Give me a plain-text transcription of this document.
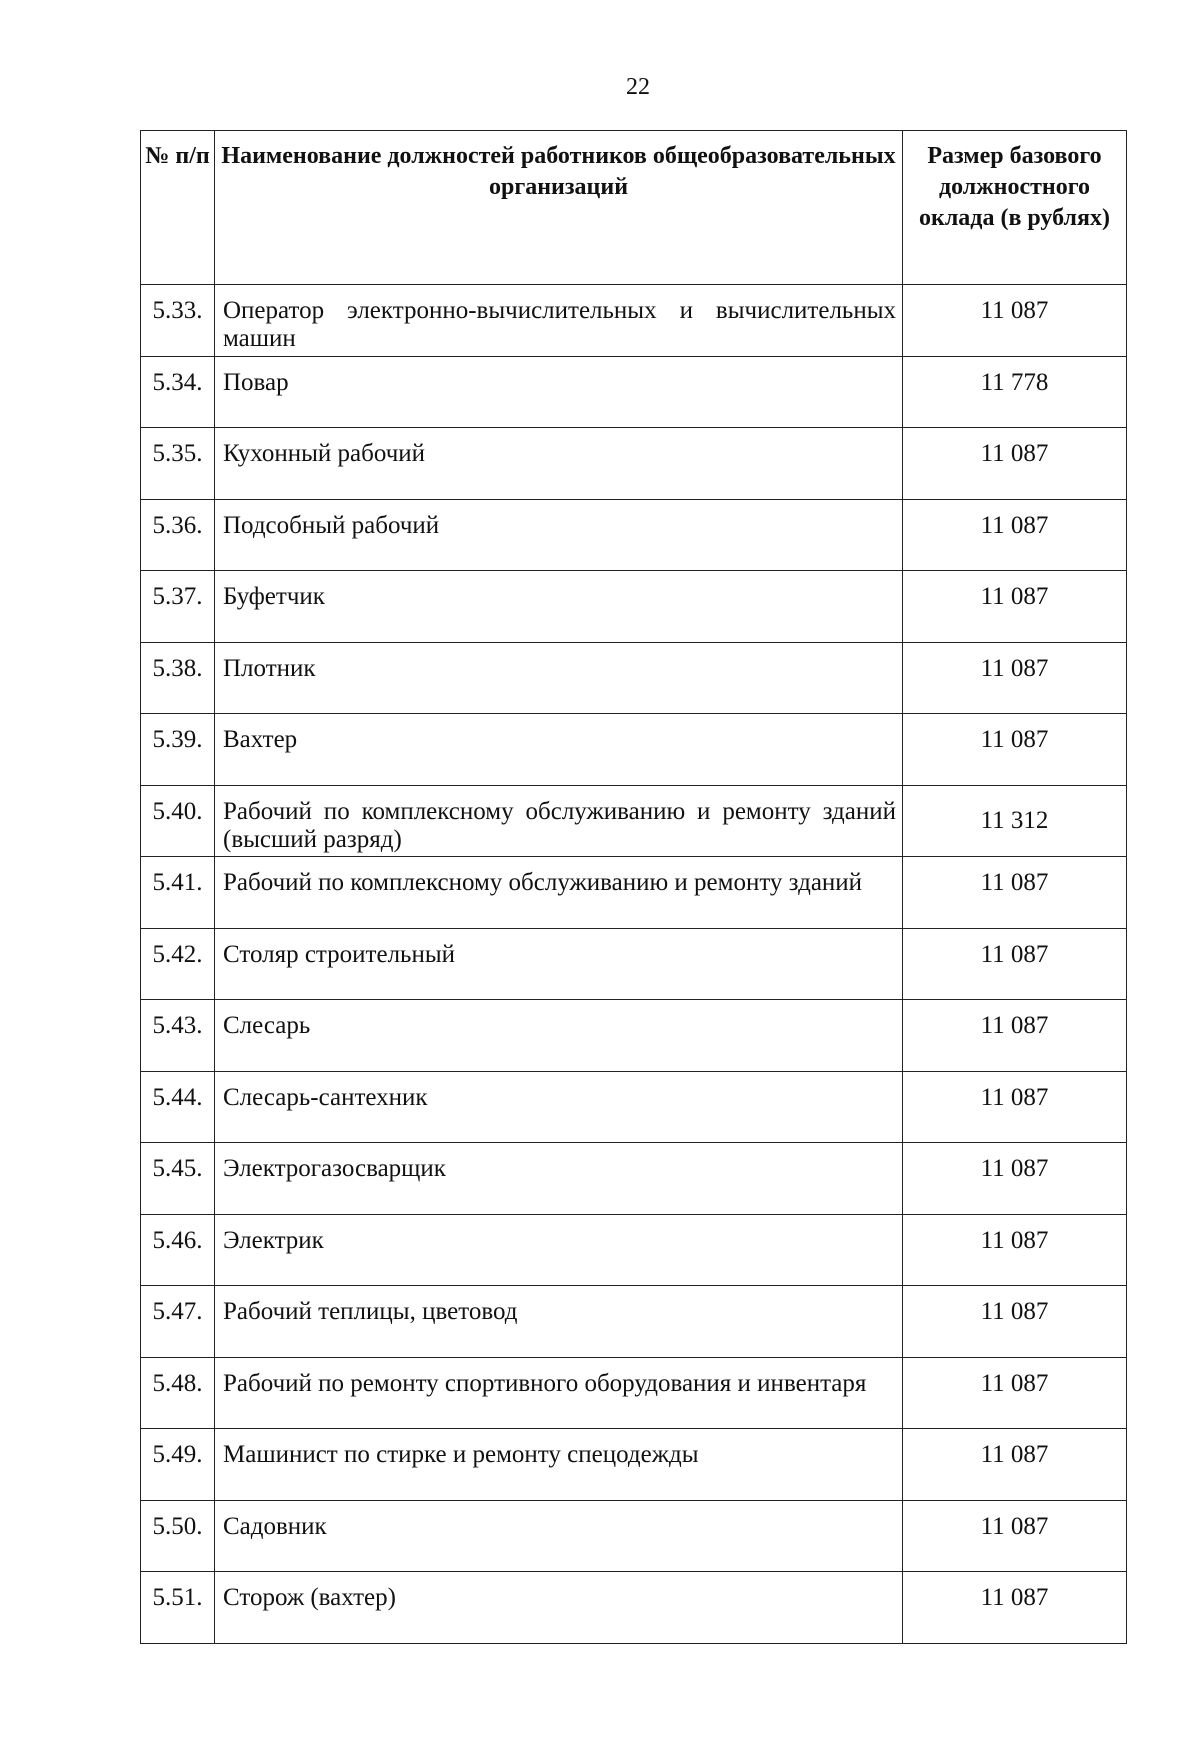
22
№ п/п	Наименование должностей работников общеобразовательных организаций	Размер базового должностного оклада (в рублях)
5.33.	Оператор электронно-вычислительных и вычислительных машин	11 087
5.34.	Повар	11 778
5.35.	Кухонный рабочий	11 087
5.36.	Подсобный рабочий	11 087
5.37.	Буфетчик	11 087
5.38.	Плотник	11 087
5.39.	Вахтер	11 087
5.40.	Рабочий по комплексному обслуживанию и ремонту зданий (высший разряд)	11 312
5.41.	Рабочий по комплексному обслуживанию и ремонту зданий	11 087
5.42.	Столяр строительный	11 087
5.43.	Слесарь	11 087
5.44.	Слесарь-сантехник	11 087
5.45.	Электрогазосварщик	11 087
5.46.	Электрик	11 087
5.47.	Рабочий теплицы, цветовод	11 087
5.48.	Рабочий по ремонту спортивного оборудования и инвентаря	11 087
5.49.	Машинист по стирке и ремонту спецодежды	11 087
5.50.	Садовник	11 087
5.51.	Сторож (вахтер)	11 087
